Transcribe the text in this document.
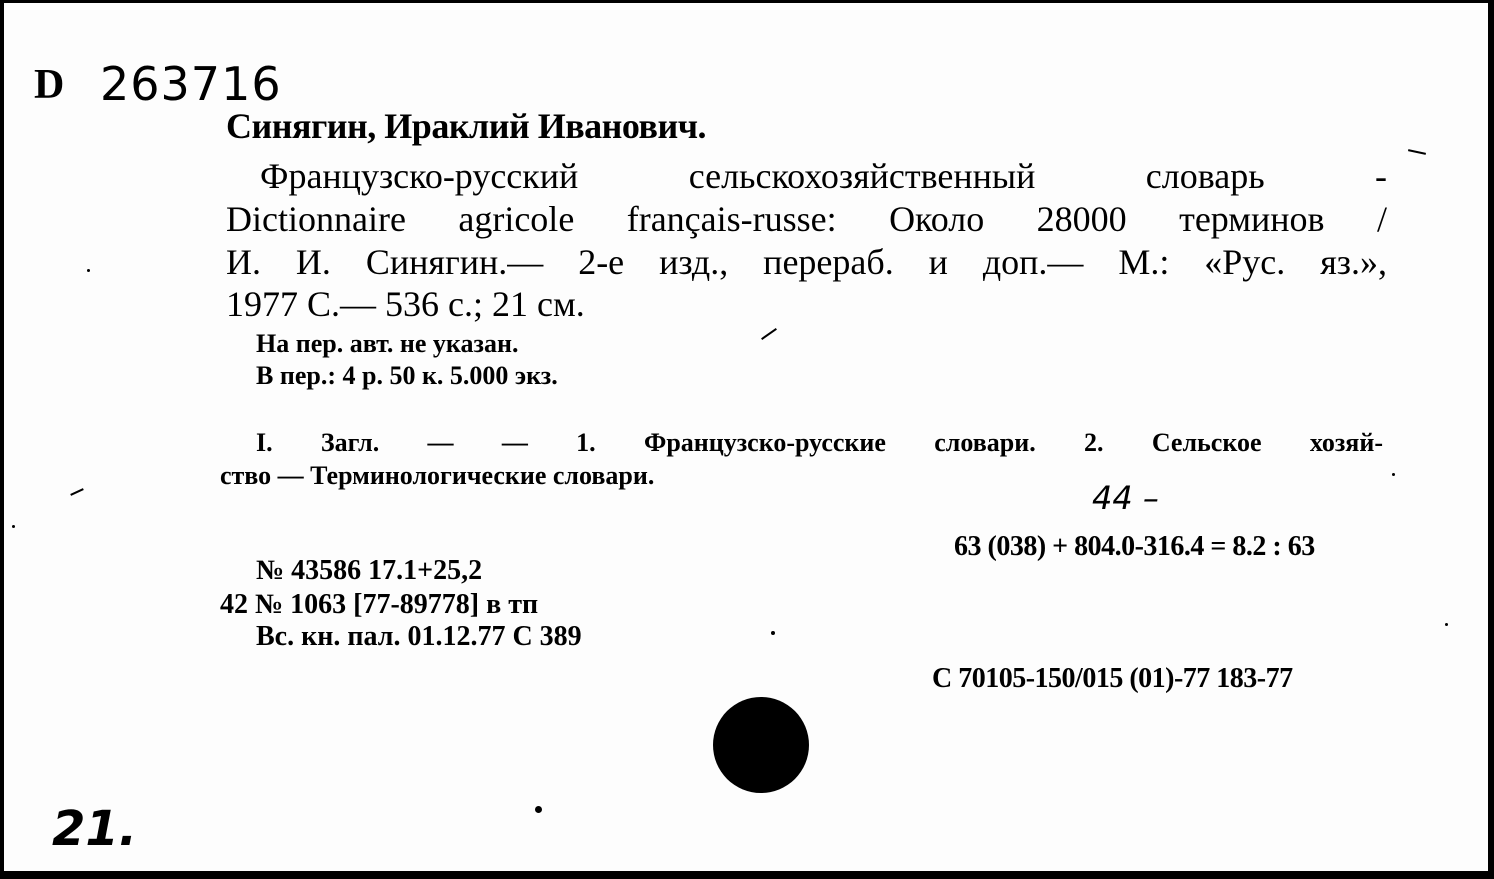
D 263716
Синягин, Ираклий Иванович.
Французско-русский сельскохозяйственный словарь -
Dictionnaire agricole français-russe: Около 28000 терминов /
И. И. Синягин.— 2-е изд., перераб. и доп.— М.: «Рус. яз.»,
1977 С.— 536 с.; 21 см.
На пер. авт. не указан.
В пер.: 4 р. 50 к. 5.000 экз.
I. Загл. — — 1. Французско-русские словари. 2. Сельское хозяй-
ство — Терминологические словари.
44 –
63 (038) + 804.0-316.4 = 8.2 : 63
№ 43586 17.1+25,2
42 № 1063 [77-89778] в тп
Вс. кн. пал. 01.12.77 С 389
С 70105-150/015 (01)-77 183-77
21.
